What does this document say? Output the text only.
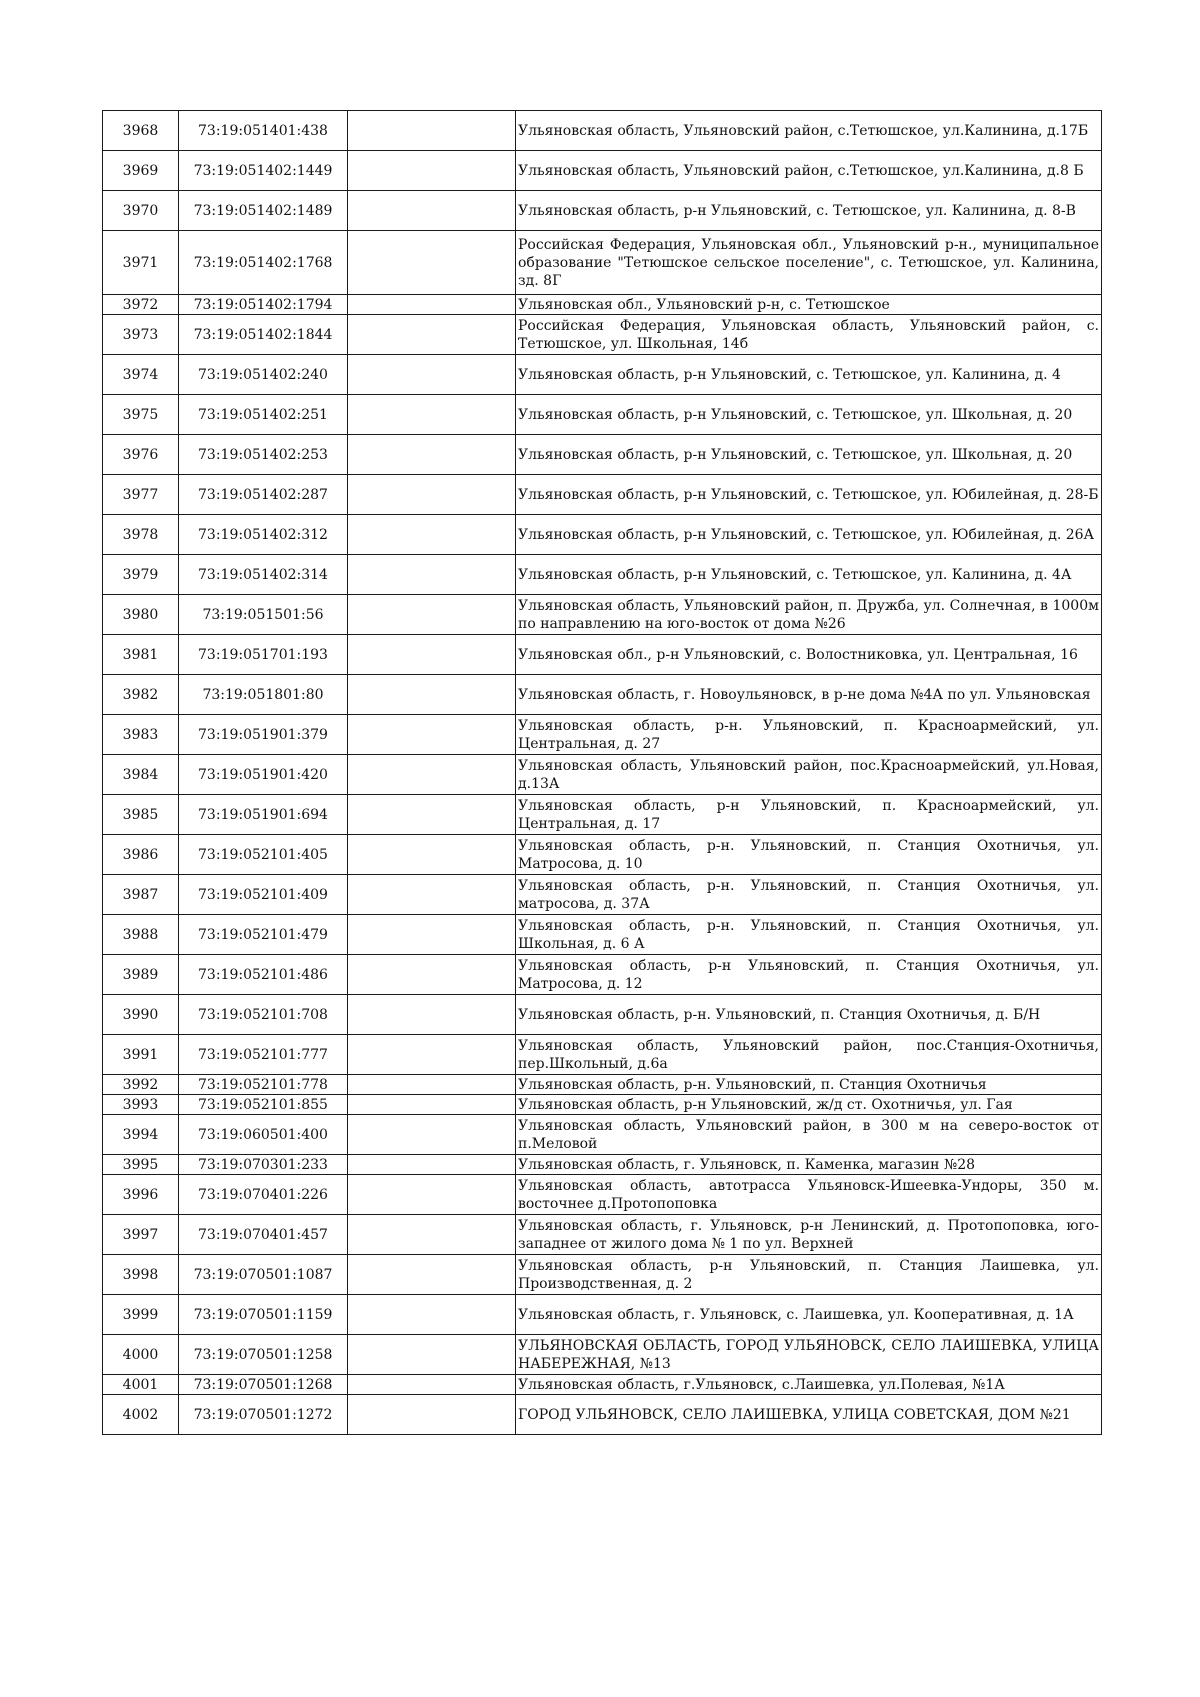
3968	73:19:051401:438		Ульяновская область, Ульяновский район, с.Тетюшское, ул.Калинина, д.17Б
3969	73:19:051402:1449		Ульяновская область, Ульяновский район, с.Тетюшское, ул.Калинина, д.8 Б
3970	73:19:051402:1489		Ульяновская область, р-н Ульяновский, с. Тетюшское, ул. Калинина, д. 8-В
3971	73:19:051402:1768		Российская Федерация, Ульяновская обл., Ульяновский р-н., муниципальное образование "Тетюшское сельское поселение", с. Тетюшское, ул. Калинина, зд. 8Г
3972	73:19:051402:1794		Ульяновская обл., Ульяновский р-н, с. Тетюшское
3973	73:19:051402:1844		Российская Федерация, Ульяновская область, Ульяновский район, с. Тетюшское, ул. Школьная, 14б
3974	73:19:051402:240		Ульяновская область, р-н Ульяновский, с. Тетюшское, ул. Калинина, д. 4
3975	73:19:051402:251		Ульяновская область, р-н Ульяновский, с. Тетюшское, ул. Школьная, д. 20
3976	73:19:051402:253		Ульяновская область, р-н Ульяновский, с. Тетюшское, ул. Школьная, д. 20
3977	73:19:051402:287		Ульяновская область, р-н Ульяновский, с. Тетюшское, ул. Юбилейная, д. 28-Б
3978	73:19:051402:312		Ульяновская область, р-н Ульяновский, с. Тетюшское, ул. Юбилейная, д. 26А
3979	73:19:051402:314		Ульяновская область, р-н Ульяновский, с. Тетюшское, ул. Калинина, д. 4А
3980	73:19:051501:56		Ульяновская область, Ульяновский район, п. Дружба, ул. Солнечная, в 1000м по направлению на юго-восток от дома №26
3981	73:19:051701:193		Ульяновская обл., р-н Ульяновский, с. Волостниковка, ул. Центральная, 16
3982	73:19:051801:80		Ульяновская область, г. Новоульяновск, в р-не дома №4А по ул. Ульяновская
3983	73:19:051901:379		Ульяновская область, р-н. Ульяновский, п. Красноармейский, ул. Центральная, д. 27
3984	73:19:051901:420		Ульяновская область, Ульяновский район, пос.Красноармейский, ул.Новая, д.13А
3985	73:19:051901:694		Ульяновская область, р-н Ульяновский, п. Красноармейский, ул. Центральная, д. 17
3986	73:19:052101:405		Ульяновская область, р-н. Ульяновский, п. Станция Охотничья, ул. Матросова, д. 10
3987	73:19:052101:409		Ульяновская область, р-н. Ульяновский, п. Станция Охотничья, ул. матросова, д. 37А
3988	73:19:052101:479		Ульяновская область, р-н. Ульяновский, п. Станция Охотничья, ул. Школьная, д. 6 А
3989	73:19:052101:486		Ульяновская область, р-н Ульяновский, п. Станция Охотничья, ул. Матросова, д. 12
3990	73:19:052101:708		Ульяновская область, р-н. Ульяновский, п. Станция Охотничья, д. Б/Н
3991	73:19:052101:777		Ульяновская область, Ульяновский район, пос.Станция-Охотничья, пер.Школьный, д.6а
3992	73:19:052101:778		Ульяновская область, р-н. Ульяновский, п. Станция Охотничья
3993	73:19:052101:855		Ульяновская область, р-н Ульяновский, ж/д ст. Охотничья, ул. Гая
3994	73:19:060501:400		Ульяновская область, Ульяновский район, в 300 м на северо-восток от п.Меловой
3995	73:19:070301:233		Ульяновская область, г. Ульяновск, п. Каменка, магазин №28
3996	73:19:070401:226		Ульяновская область, автотрасса Ульяновск-Ишеевка-Ундоры, 350 м. восточнее д.Протопоповка
3997	73:19:070401:457		Ульяновская область, г. Ульяновск, р-н Ленинский, д. Протопоповка, юго-западнее от жилого дома № 1 по ул. Верхней
3998	73:19:070501:1087		Ульяновская область, р-н Ульяновский, п. Станция Лаишевка, ул. Производственная, д. 2
3999	73:19:070501:1159		Ульяновская область, г. Ульяновск, с. Лаишевка, ул. Кооперативная, д. 1А
4000	73:19:070501:1258		УЛЬЯНОВСКАЯ ОБЛАСТЬ, ГОРОД УЛЬЯНОВСК, СЕЛО ЛАИШЕВКА, УЛИЦА НАБЕРЕЖНАЯ, №13
4001	73:19:070501:1268		Ульяновская область, г.Ульяновск, с.Лаишевка, ул.Полевая, №1А
4002	73:19:070501:1272		ГОРОД УЛЬЯНОВСК, СЕЛО ЛАИШЕВКА, УЛИЦА СОВЕТСКАЯ, ДОМ №21
